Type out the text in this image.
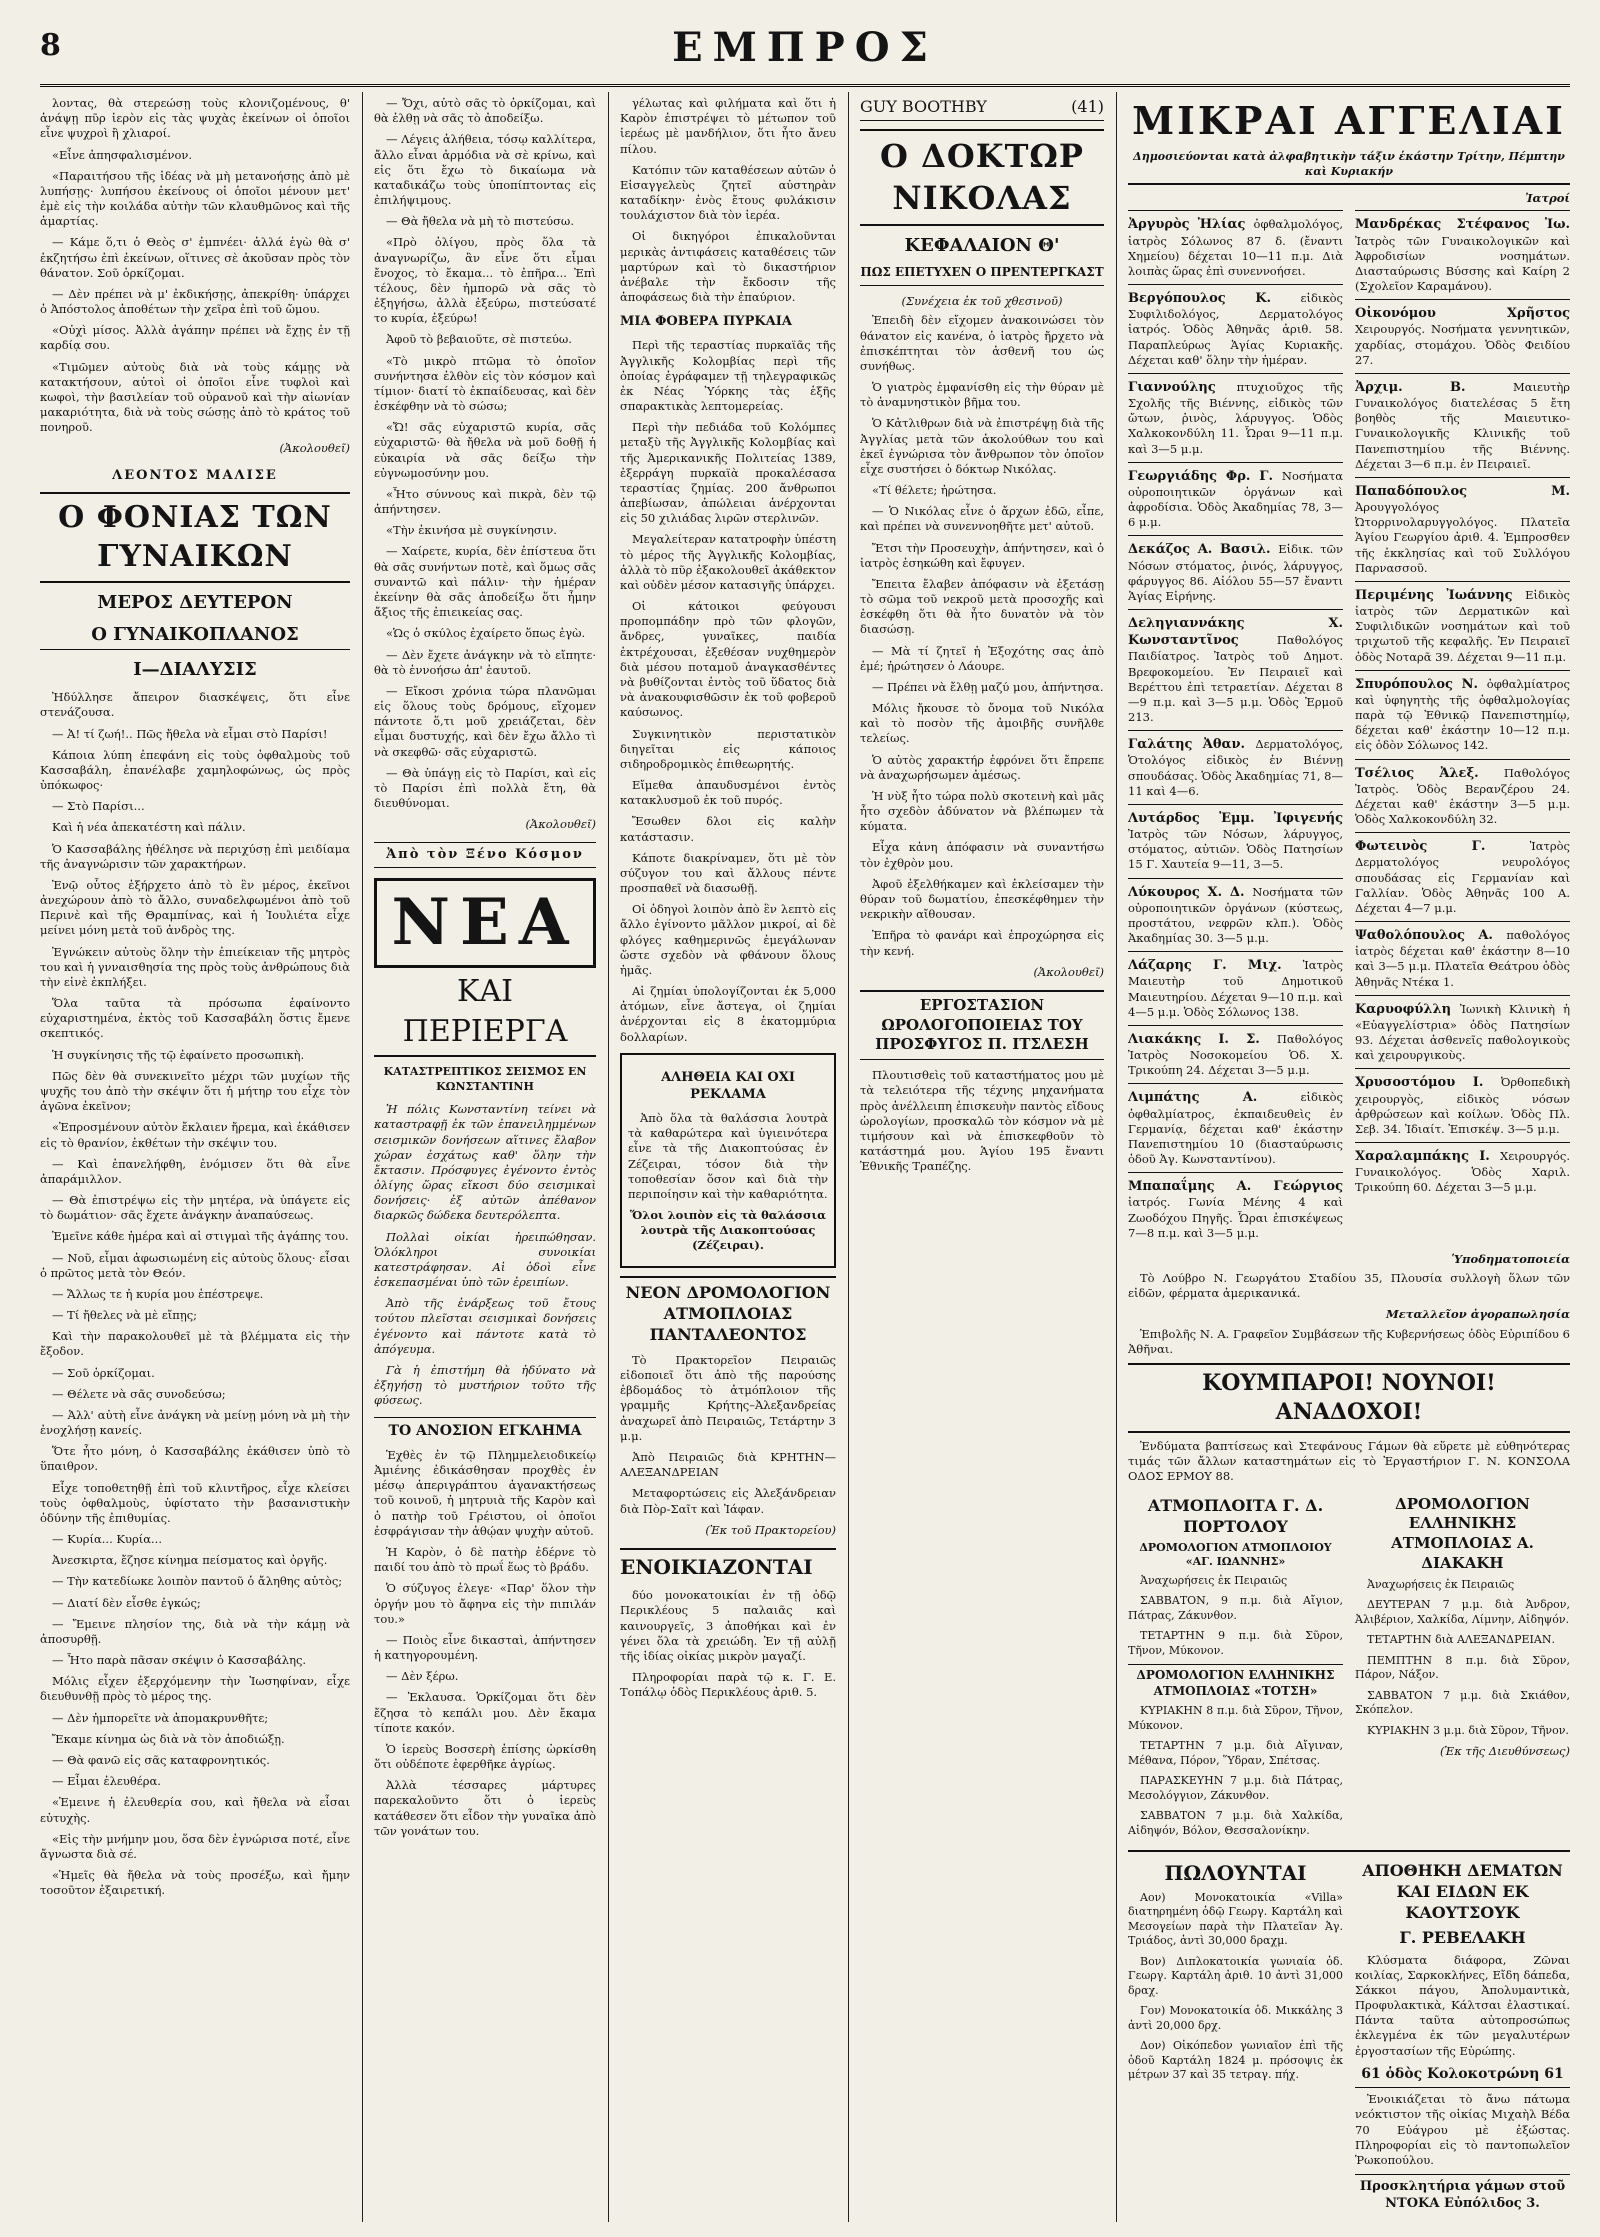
8	ΕΜΠΡΟΣ

λοντας, θὰ στερεώσῃ τοὺς κλονιζομένους, θ' ἀνάψῃ πῦρ ἱερὸν εἰς τὰς ψυχὰς ἐκείνων οἱ ὁποῖοι εἶνε ψυχροὶ ἢ χλιαροί.

«Εἶνε ἀπησφαλισμένον.

«Παραιτήσου τῆς ἰδέας νὰ μὴ μετανοήσῃς ἀπὸ μὲ λυπήσῃς· λυπήσου ἐκείνους οἱ ὁποῖοι μένουν μετ' ἐμὲ εἰς τὴν κοιλάδα αὐτὴν τῶν κλαυθμῶνος καὶ τῆς ἁμαρτίας.

— Κάμε ὅ,τι ὁ Θεὸς σ' ἐμπνέει· ἀλλά ἐγὼ θὰ σ' ἐκζητήσω ἐπὶ ἐκείνων, οἵτινες σὲ ἀκοῦσαν πρὸς τὸν θάνατον. Σοῦ ὁρκίζομαι.

— Δὲν πρέπει νὰ μ' ἐκδικήσῃς, ἀπεκρίθη· ὑπάρχει ὁ Ἀπόστολος ἀποθέτων τὴν χεῖρα ἐπὶ τοῦ ὤμου.

«Οὐχὶ μίσος. Ἀλλὰ ἀγάπην πρέπει νὰ ἔχῃς ἐν τῇ καρδίᾳ σου.

«Τιμῶμεν αὐτοὺς διὰ νὰ τοὺς κάμῃς νὰ κατακτήσουν, αὐτοὶ οἱ ὁποῖοι εἶνε τυφλοὶ καὶ κωφοὶ, τὴν βασιλείαν τοῦ οὐρανοῦ καὶ τὴν αἰωνίαν μακαριότητα, διὰ νὰ τοὺς σώσῃς ἀπὸ τὸ κράτος τοῦ πονηροῦ.

(Ἀκολουθεῖ)
ΛΕΟΝΤΟΣ ΜΑΛΙΣΕ
Ο ΦΟΝΙΑΣ ΤΩΝ ΓΥΝΑΙΚΩΝ
ΜΕΡΟΣ ΔΕΥΤΕΡΟΝ
Ο ΓΥΝΑΙΚΟΠΛΑΝΟΣ
Ι—ΔΙΑΛΥΣΙΣ

Ἠδύλλησε ἄπειρον διασκέψεις, ὅτι εἶνε στενάζουσα.

— Ἀ! τί ζωή!.. Πῶς ἤθελα νὰ εἶμαι στὸ Παρίσι!

Κάποια λύπη ἐπεφάνη εἰς τοὺς ὀφθαλμοὺς τοῦ Κασσαβάλη, ἐπανέλαβε χαμηλοφώνως, ὡς πρὸς ὑπόκωφος·

— Στὸ Παρίσι...

Καὶ ἡ νέα ἀπεκατέστη καὶ πάλιν.

Ὁ Κασσαβάλης ἠθέλησε νὰ περιχύσῃ ἐπὶ μειδίαμα τῆς ἀναγνώρισιν τῶν χαρακτήρων.

Ἐνῷ οὗτος ἐξήρχετο ἀπὸ τὸ ἓν μέρος, ἐκεῖνοι ἀνεχώρουν ἀπὸ τὸ ἄλλο, συναδελφωμένοι ἀπὸ τοῦ Περινὲ καὶ τῆς Θραμπίνας, καὶ ἡ Ἰουλιέτα εἶχε μείνει μόνη μετὰ τοῦ ἀνδρὸς της.

Ἐγνώκειν αὐτοὺς ὅλην τὴν ἐπιείκειαν τῆς μητρὸς του καὶ ἡ γνναισθησία της πρὸς τοὺς ἀνθρώπους διὰ τὴν εἰνὲ ἐκπλήξει.

Ὅλα ταῦτα τὰ πρόσωπα ἐφαίνοντο εὐχαριστημένα, ἐκτὸς τοῦ Κασσαβάλη ὅστις ἔμενε σκεπτικός.

Ἡ συγκίνησις τῆς τῷ ἐφαίνετο προσωπικὴ.

Πῶς δὲν θὰ συνεκινεῖτο μέχρι τῶν μυχίων τῆς ψυχῆς του ἀπὸ τὴν σκέψιν ὅτι ἡ μήτηρ του εἶχε τὸν ἀγῶνα ἐκεῖνον;

«Ἐπροσμένουν αὐτὸν ἔκλαιεν ἤρεμα, καὶ ἐκάθισεν εἰς τὸ θρανίον, ἐκθέτων τὴν σκέψιν του.

— Καὶ ἐπανελήφθη, ἐνόμισεν ὅτι θὰ εἶνε ἀπαράμιλλον.

— Θὰ ἐπιστρέψω εἰς τὴν μητέρα, νὰ ὑπάγετε εἰς τὸ δωμάτιον· σᾶς ἔχετε ἀνάγκην ἀναπαύσεως.

Ἐμεῖνε κάθε ἡμέρα καὶ αἱ στιγμαὶ τῆς ἀγάπης του.

— Νοῦ, εἶμαι ἀφωσιωμένη εἰς αὐτοὺς ὅλους· εἶσαι ὁ πρῶτος μετὰ τὸν Θεόν.

— Ἄλλως τε ἡ κυρία μου ἐπέστρεψε.

— Τί ἤθελες νὰ μὲ εἴπῃς;

Καὶ τὴν παρακολουθεῖ μὲ τὰ βλέμματα εἰς τὴν ἔξοδον.

— Σοῦ ὁρκίζομαι.

— Θέλετε νὰ σᾶς συνοδεύσω;

— Ἀλλ' αὐτὴ εἶνε ἀνάγκη νὰ μείνῃ μόνη νὰ μὴ τὴν ἐνοχλήσῃ κανείς.

Ὅτε ἦτο μόνη, ὁ Κασσαβάλης ἐκάθισεν ὑπὸ τὸ ὕπαιθρον.

Εἶχε τοποθετηθῇ ἐπὶ τοῦ κλιντῆρος, εἶχε κλείσει τοὺς ὀφθαλμοὺς, ὑφίστατο τὴν βασανιστικὴν ὀδύνην τῆς ἐπιθυμίας.

— Κυρία... Κυρία...

Ἀνεσκιρτα, ἔζησε κίνημα πείσματος καὶ ὀργῆς.

— Τὴν κατεδίωκε λοιπὸν παντοῦ ὁ ἄληθης αὐτὸς;

— Διατί δὲν εἶσθε ἐγκώς;

— Ἔμεινε πλησίον της, διὰ νὰ τὴν κάμῃ νὰ ἀποσυρθῇ.

— Ἦτο παρὰ πᾶσαν σκέψιν ὁ Κασσαβάλης.

Μόλις εἶχεν ἐξερχόμενην τὴν Ἰωσηφίναν, εἶχε διευθυνθῇ πρὸς τὸ μέρος της.

— Δὲν ἠμπορεῖτε νὰ ἀπομακρυνθῆτε;

Ἔκαμε κίνημα ὡς διὰ νὰ τὸν ἀποδιώξῃ.

— Θὰ φανῶ εἰς σᾶς καταφρονητικός.

— Εἶμαι ἐλευθέρα.

«Ἐμεινε ἡ ἐλευθερία σου, καὶ ἤθελα νὰ εἶσαι εὐτυχὴς.

«Εἰς τὴν μνήμην μου, ὅσα δὲν ἐγνώρισα ποτέ, εἶνε ἄγνωστα διὰ σέ.

«Ἡμεῖς θὰ ἤθελα νὰ τοὺς προσέξω, καὶ ἤμην τοσοῦτον ἐξαιρετική.

— Ὄχι, αὐτὸ σᾶς τὸ ὁρκίζομαι, καὶ θὰ ἐλθῃ νὰ σᾶς τὸ ἀποδείξω.

— Λέγεις ἀλήθεια, τόσῳ καλλίτερα, ἄλλο εἶναι ἁρμόδια νὰ σὲ κρίνω, καὶ εἰς ὅτι ἔχω τὸ δικαίωμα νὰ καταδικάζω τοὺς ὑποπίπτοντας εἰς ἐπιλήψιμους.

— Θὰ ἤθελα νὰ μὴ τὸ πιστεύσω.

«Πρὸ ὀλίγου, πρὸς ὅλα τὰ ἀναγνωρίζω, ἂν εἶνε ὅτι εἶμαι ἔνοχος, τὸ ἔκαμα... τὸ ἐπῆρα... Ἐπὶ τέλους, δὲν ἠμπορῶ νὰ σᾶς τὸ ἐξηγήσω, ἀλλὰ ἐξεύρω, πιστεύσατέ το κυρία, ἐξεύρω!

Ἀφοῦ τὸ βεβαιοῦτε, σὲ πιστεύω.

«Τὸ μικρὸ πτῶμα τὸ ὁποῖον συνήντησα ἐλθὸν εἰς τὸν κόσμον καὶ τίμιον· διατί τὸ ἐκπαίδευσας, καὶ δὲν ἐσκέφθην νὰ τὸ σώσω;

«Ὤ! σᾶς εὐχαριστῶ κυρία, σᾶς εὐχαριστῶ· θὰ ἤθελα νὰ μοῦ δοθῇ ἡ εὐκαιρία νὰ σᾶς δείξω τὴν εὐγνωμοσύνην μου.

«Ἦτο σύννους καὶ πικρὰ, δὲν τῷ ἀπήντησεν.

«Τὴν ἐκινήσα μὲ συγκίνησιν.

— Χαίρετε, κυρία, δὲν ἐπίστευα ὅτι θὰ σᾶς συνήντων ποτὲ, καὶ ὅμως σᾶς συναντῶ καὶ πάλιν· τὴν ἡμέραν ἐκείνην θὰ σᾶς ἀποδείξω ὅτι ἦμην ἄξιος τῆς ἐπιεικείας σας.

«Ὡς ὁ σκύλος ἐχαίρετο ὅπως ἐγὼ.

— Δὲν ἔχετε ἀνάγκην νὰ τὸ εἴπητε· θὰ τὸ ἐννοήσω ἀπ' ἑαυτοῦ.

— Εἴκοσι χρόνια τώρα πλανῶμαι εἰς ὅλους τοὺς δρόμους, εἴχομεν πάντοτε ὅ,τι μοῦ χρειάζεται, δὲν εἶμαι δυστυχής, καὶ δὲν ἔχω ἄλλο τὶ νὰ σκεφθῶ· σᾶς εὐχαριστῶ.

— Θὰ ὑπάγῃ εἰς τὸ Παρίσι, καὶ εἰς τὸ Παρίσι ἐπὶ πολλὰ ἔτη, θὰ διευθύνομαι.

(Ἀκολουθεῖ)
Ἀπὸ τὸν Ξένο Κόσμον
ΝΕΑ
ΚΑΙ ΠΕΡΙΕΡΓΑ
ΚΑΤΑΣΤΡΕΠΤΙΚΟΣ ΣΕΙΣΜΟΣ ΕΝ ΚΩΝΣΤΑΝΤΙΝΗ

Ἡ πόλις Κωνσταντίνη τείνει νὰ καταστραφῇ ἐκ τῶν ἐπανειλημμένων σεισμικῶν δονήσεων αἵτινες ἔλαβον χώραν ἐσχάτως καθ' ὅλην τὴν ἔκτασιν. Πρόσφυγες ἐγένοντο ἐντὸς ὀλίγης ὥρας εἴκοσι δύο σεισμικαὶ δονήσεις· ἐξ αὐτῶν ἀπέθανον διαρκῶς δώδεκα δευτερόλεπτα.

Πολλαὶ οἰκίαι ἠρειπώθησαν. Ὁλόκληροι συνοικίαι κατεστράφησαν. Αἱ ὁδοὶ εἶνε ἐσκεπασμέναι ὑπὸ τῶν ἐρειπίων.

Ἀπὸ τῆς ἐνάρξεως τοῦ ἔτους τούτου πλεῖσται σεισμικαὶ δονήσεις ἐγένοντο καὶ πάντοτε κατὰ τὸ ἀπόγευμα.

Γὰ ἡ ἐπιστήμη θὰ ἠδύνατο νὰ ἐξηγήσῃ τὸ μυστήριον τοῦτο τῆς φύσεως.

ΤΟ ΑΝΟΣΙΟΝ ΕΓΚΛΗΜΑ

Ἐχθὲς ἐν τῷ Πλημμελειοδικείῳ Ἀμιένης ἐδικάσθησαν προχθὲς ἐν μέσῳ ἀπεριγράπτου ἀγανακτήσεως τοῦ κοινοῦ, ἡ μητρυιὰ τῆς Καρὸν καὶ ὁ πατὴρ τοῦ Γρέιστου, οἱ ὁποῖοι ἐσφράγισαν τὴν ἀθῴαν ψυχὴν αὐτοῦ.

Ἡ Καρὸν, ὁ δὲ πατὴρ ἐδέρνε τὸ παιδί του ἀπὸ τὸ πρωΐ ἕως τὸ βράδυ.

Ὁ σύζυγος ἐλεγε· «Παρ' ὅλον τὴν ὀργήν μου τὸ ἄφηνα εἰς τὴν πιπιλάν του.»

— Ποιὸς εἶνε δικασταὶ, ἀπήντησεν ἡ κατηγορουμένη.

— Δὲν ξέρω.

— Ἐκλαυσα. Ὁρκίζομαι ὅτι δὲν ἔζησα τὸ κεπάλι μου. Δὲν ἔκαμα τίποτε κακόν.

Ὁ ἱερεὺς Βοσσερὴ ἐπίσης ὡρκίσθη ὅτι οὐδέποτε ἐφερθῆκε ἀγρίως.

Ἀλλὰ τέσσαρες μάρτυρες παρεκαλοῦντο ὅτι ὁ ἱερεὺς κατάθεσεν ὅτι εἶδον τὴν γυναῖκα ἀπὸ τῶν γονάτων του.

γέλωτας καὶ φιλήματα καὶ ὅτι ἡ Καρὸν ἐπιστρέψει τὸ μέτωπον τοῦ ἱερέως μὲ μανδήλιον, ὅτι ἦτο ἄνευ πίλου.

Κατόπιν τῶν καταθέσεων αὐτῶν ὁ Εἰσαγγελεὺς ζητεῖ αὐστηρὰν καταδίκην· ἐνὸς ἔτους φυλάκισιν τουλάχιστον διὰ τὸν ἱερέα.

Οἱ δικηγόροι ἐπικαλοῦνται μερικὰς ἀντιφάσεις καταθέσεις τῶν μαρτύρων καὶ τὸ δικαστήριον ἀνέβαλε τὴν ἔκδοσιν τῆς ἀποφάσεως διὰ τὴν ἐπαύριον.

ΜΙΑ ΦΟΒΕΡΑ ΠΥΡΚΑΙΑ

Περὶ τῆς τεραστίας πυρκαϊᾶς τῆς Ἀγγλικῆς Κολομβίας περὶ τῆς ὁποίας ἐγράφαμεν τῇ τηλεγραφικῶς ἐκ Νέας Ὑόρκης τὰς ἑξῆς σπαρακτικὰς λεπτομερείας.

Περὶ τὴν πεδιάδα τοῦ Κολόμπες μεταξὺ τῆς Ἀγγλικῆς Κολομβίας καὶ τῆς Ἀμερικανικῆς Πολιτείας 1389, ἐξερράγη πυρκαϊὰ προκαλέσασα τεραστίας ζημίας. 200 ἄνθρωποι ἀπεβίωσαν, ἀπώλειαι ἀνέρχονται εἰς 50 χιλιάδας λιρῶν στερλινῶν.

Μεγαλείτεραν κατατροφὴν ὑπέστη τὸ μέρος τῆς Ἀγγλικῆς Κολομβίας, ἀλλὰ τὸ πῦρ ἐξακολουθεῖ ἀκάθεκτον καὶ οὐδὲν μέσον κατασιγῆς ὑπάρχει.

Οἱ κάτοικοι φεύγουσι προπομπάδην πρὸ τῶν φλογῶν, ἄνδρες, γυναῖκες, παιδία ἐκτρέχουσαι, ἐξεθέσαν νυχθημερὸν διὰ μέσου ποταμοῦ ἀναγκασθέντες νὰ βυθίζονται ἐντὸς τοῦ ὕδατος διὰ νὰ ἀνακουφισθῶσιν ἐκ τοῦ φοβεροῦ καύσωνος.

Συγκινητικὸν περιστατικὸν διηγεῖται εἰς κάποιος σιδηροδρομικὸς ἐπιθεωρητής.

Εἴμεθα ἀπαυδυσμένοι ἐντὸς κατακλυσμοῦ ἐκ τοῦ πυρός.

Ἔσωθεν δλοι εἰς καλὴν κατάστασιν.

Κάποτε διακρίναμεν, ὅτι μὲ τὸν σύζυγον του καὶ ἄλλους πέντε προσπαθεῖ νὰ διασωθῇ.

Οἱ ὁδηγοὶ λοιπὸν ἀπὸ ἓν λεπτὸ εἰς ἄλλο ἐγίνοντο μᾶλλον μικροί, αἱ δὲ φλόγες καθημερινῶς ἐμεγάλωναν ὥστε σχεδὸν νὰ φθάνουν ὅλους ἡμᾶς.

Αἱ ζημίαι ὑπολογίζονται ἐκ 5,000 ἀτόμων, εἶνε ἄστεγα, οἱ ζημίαι ἀνέρχονται εἰς 8 ἑκατομμύρια δολλαρίων.

ΑΛΗΘΕΙΑ ΚΑΙ ΟΧΙ ΡΕΚΛΑΜΑ

Ἀπὸ ὅλα τὰ θαλάσσια λουτρὰ τὰ καθαρώτερα καὶ ὑγιεινότερα εἶνε τὰ τῆς Διακοπτούσας ἐν Ζέζειραι, τόσον διὰ τὴν τοποθεσίαν ὅσον καὶ διὰ τὴν περιποίησιν καὶ τὴν καθαριότητα.

Ὅλοι λοιπὸν εἰς τὰ θαλάσσια λουτρὰ τῆς Διακοπτούσας (Ζέζειραι).

ΝΕΟΝ ΔΡΟΜΟΛΟΓΙΟΝ ΑΤΜΟΠΛΟΙΑΣ ΠΑΝΤΑΛΕΟΝΤΟΣ

Τὸ Πρακτορεῖον Πειραιῶς εἰδοποιεῖ ὅτι ἀπὸ τῆς παρούσης ἑβδομάδος τὸ ἀτμόπλοιον τῆς γραμμῆς Κρήτης–Ἀλεξανδρείας ἀναχωρεῖ ἀπὸ Πειραιῶς, Τετάρτην 3 μ.μ.

Ἀπὸ Πειραιῶς διὰ ΚΡΗΤΗΝ—ΑΛΕΞΑΝΔΡΕΙΑΝ

Μεταφορτώσεις εἰς Ἀλεξάνδρειαν διὰ Πὸρ-Σαῖτ καὶ Ἰάφαν.

(Ἐκ τοῦ Πρακτορείου)
ΕΝΟΙΚΙΑΖΟΝΤΑΙ

δύο μονοκατοικίαι ἐν τῇ ὁδῷ Περικλέους 5 παλαιᾶς καὶ καινουργεῖς, 3 ἀποθήκαι καὶ ἐν γένει ὅλα τὰ χρειώδη. Ἐν τῇ αὐλῇ τῆς ἰδίας οἰκίας μικρὸν μαγαζί.

Πληροφορίαι παρὰ τῷ κ. Γ. Ε. Τοπάλῳ ὁδὸς Περικλέους ἀριθ. 5.

GUY BOOTHBY	(41)
Ο ΔΟΚΤΩΡ ΝΙΚΟΛΑΣ
ΚΕΦΑΛΑΙΟΝ Θ'
ΠΩΣ ΕΠΕΤΥΧΕΝ Ο ΠΡΕΝΤΕΡΓΚΑΣΤ
(Συνέχεια ἐκ τοῦ χθεσινοῦ)

Ἐπειδὴ δὲν εἴχομεν ἀνακοινώσει τὸν θάνατον εἰς κανένα, ὁ ἰατρὸς ἤρχετο νὰ ἐπισκέπτηται τὸν ἀσθενῆ του ὡς συνήθως.

Ὁ γιατρὸς ἐμφανίσθη εἰς τὴν θύραν μὲ τὸ ἀναμνηστικὸν βῆμα του.

Ὁ Κἀτλιθρων διὰ νὰ ἐπιστρέψῃ διὰ τῆς Ἀγγλίας μετὰ τῶν ἀκολούθων του καὶ ἐκεῖ ἐγνώρισα τὸν ἄνθρωπον τὸν ὁποῖον εἶχε συστήσει ὁ δόκτωρ Νικόλας.

«Τί θέλετε; ἠρώτησα.

— Ὁ Νικόλας εἶνε ὁ ἄρχων ἐδῶ, εἶπε, καὶ πρέπει νὰ συνεννοηθῆτε μετ' αὐτοῦ.

Ἔτσι τὴν Προσευχὴν, ἀπήντησεν, καὶ ὁ ἰατρὸς ἐσηκώθη καὶ ἔφυγεν.

Ἔπειτα ἔλαβεν ἀπόφασιν νὰ ἐξετάσῃ τὸ σῶμα τοῦ νεκροῦ μετὰ προσοχῆς καὶ ἐσκέφθη ὅτι θὰ ἦτο δυνατὸν νὰ τὸν διασώσῃ.

— Μὰ τί ζητεῖ ἡ Ἐξοχότης σας ἀπὸ ἐμέ; ἠρώτησεν ὁ Λάουρε.

— Πρέπει νὰ ἔλθῃ μαζύ μου, ἀπήντησα.

Μόλις ἤκουσε τὸ ὄνομα τοῦ Νικόλα καὶ τὸ ποσὸν τῆς ἀμοιβῆς συνῆλθε τελείως.

Ὁ αὐτὸς χαρακτήρ ἐφρόνει ὅτι ἔπρεπε νὰ ἀναχωρήσωμεν ἀμέσως.

Ἡ νὺξ ἦτο τώρα πολὺ σκοτεινὴ καὶ μᾶς ἦτο σχεδὸν ἀδύνατον νὰ βλέπωμεν τὰ κύματα.

Εἶχα κἀνη ἀπόφασιν νὰ συναντήσω τὸν ἐχθρὸν μου.

Ἀφοῦ ἐξελθήκαμεν καὶ ἐκλείσαμεν τὴν θύραν τοῦ δωματίου, ἐπεσκέφθημεν τὴν νεκρικὴν αἴθουσαν.

Ἐπῆρα τὸ φανάρι καὶ ἐπροχώρησα εἰς τὴν κενή.

(Ἀκολουθεῖ)
ΕΡΓΟΣΤΑΣΙΟΝ ΩΡΟΛΟΓΟΠΟΙΕΙΑΣ ΤΟΥ ΠΡΟΣΦΥΓΟΣ Π. ΙΤΣΛΕΣΗ

Πλουτισθεὶς τοῦ καταστήματος μου μὲ τὰ τελειότερα τῆς τέχνης μηχανήματα πρὸς ἀνέλλειπη ἐπισκευὴν παντὸς εἴδους ὡρολογίων, προσκαλῶ τὸν κόσμον νὰ μὲ τιμήσουν καὶ νὰ ἐπισκεφθοῦν τὸ κατάστημά μου. Ἁγίου 195 ἔναντι Ἐθνικῆς Τραπέζης.

ΜΙΚΡΑΙ ΑΓΓΕΛΙΑΙ
Δημοσιεύονται κατὰ ἀλφαβητικὴν τάξιν ἑκάστην Τρίτην, Πέμπτην καὶ Κυριακήν
Ἰατροί
Ἀργυρὸς Ἠλίας ὀφθαλμολόγος, ἰατρὸς Σόλωνος 87 δ. (ἔναντι Χημείου) δέχεται 10—11 π.μ. Διὰ λοιπὰς ὥρας ἐπὶ συνεννοήσει.
Βεργόπουλος Κ. εἰδικὸς Συφιλιδολόγος, Δερματολόγος ἰατρός. Ὁδὸς Ἀθηνᾶς ἀριθ. 58. Παραπλεύρως Ἁγίας Κυριακῆς. Δέχεται καθ' ὅλην τὴν ἡμέραν.
Γιαννούλης πτυχιοῦχος τῆς Σχολῆς τῆς Βιέννης, εἰδικὸς τῶν ὤτων, ῥινὸς, λάρυγγος. Ὁδὸς Χαλκοκονδύλη 11. Ὧραι 9—11 π.μ. καὶ 3—5 μ.μ.
Γεωργιάδης Φρ. Γ. Νοσήματα οὐροποιητικῶν ὀργάνων καὶ ἀφροδίσια. Ὁδὸς Ἀκαδημίας 78, 3—6 μ.μ.
Δεκάζος Α. Βασιλ. Εἰδικ. τῶν Νόσων στόματος, ῥινός, λάρυγγος, φάρυγγος 86. Αἰόλου 55—57 ἔναντι Ἁγίας Εἰρήνης.
Δεληγιαννάκης Χ. Κωνσταντῖνος Παθολόγος Παιδίατρος. Ἰατρὸς τοῦ Δημοτ. Βρεφοκομείου. Ἐν Πειραιεῖ καὶ Βερέττου ἐπὶ τετραετίαν. Δέχεται 8—9 π.μ. καὶ 3—5 μ.μ. Ὁδὸς Ἑρμοῦ 213.
Γαλάτης Ἀθαν. Δερματολόγος, Ὁτολόγος εἰδικὸς ἐν Βιέννῃ σπουδάσας. Ὁδὸς Ἀκαδημίας 71, 8—11 καὶ 4—6.
Λυτάρδος Ἐμμ. Ἰφιγενής Ἰατρὸς τῶν Νόσων, λάρυγγος, στόματος, αὐτιῶν. Ὁδὸς Πατησίων 15 Γ. Χαυτεία 9—11, 3—5.
Λύκουρος Χ. Δ. Νοσήματα τῶν οὐροποιητικῶν ὀργάνων (κύστεως, προστάτου, νεφρῶν κλπ.). Ὁδὸς Ἀκαδημίας 30. 3—5 μ.μ.
Λάζαρης Γ. Μιχ. Ἰατρὸς Μαιευτὴρ τοῦ Δημοτικοῦ Μαιευτηρίου. Δέχεται 9—10 π.μ. καὶ 4—5 μ.μ. Ὁδὸς Σόλωνος 138.
Λιακάκης Ι. Σ. Παθολόγος Ἰατρὸς Νοσοκομείου Ὁδ. Χ. Τρικούπη 24. Δέχεται 3—5 μ.μ.
Λιμπάτης Α. εἰδικὸς ὀφθαλμίατρος, ἐκπαιδευθεὶς ἐν Γερμανίᾳ, δέχεται καθ' ἑκάστην Πανεπιστημίου 10 (διασταύρωσις ὁδοῦ Ἀγ. Κωνσταντίνου).
Μπαπαΐμης Α. Γεώργιος ἰατρός. Γωνία Μένης 4 καὶ Ζωοδόχου Πηγῆς. Ὧραι ἐπισκέψεως 7—8 π.μ. καὶ 3—5 μ.μ.
Μανδρέκας Στέφανος Ἰω. Ἰατρὸς τῶν Γυναικολογικῶν καὶ Ἀφροδισίων νοσημάτων. Διασταύρωσις Βύσσης καὶ Καίρη 2 (Σχολεῖον Καραμάνου).
Οἰκονόμου Χρῆστος Χειρουργός. Νοσήματα γεννητικῶν, χαρδίας, στομάχου. Ὁδὸς Φειδίου 27.
Ἀρχιμ. Β. Μαιευτὴρ Γυναικολόγος διατελέσας 5 ἔτη βοηθὸς τῆς Μαιευτικο-Γυναικολογικῆς Κλινικῆς τοῦ Πανεπιστημίου τῆς Βιέννης. Δέχεται 3—6 π.μ. ἐν Πειραιεῖ.
Παπαδόπουλος Μ. Ἀρουγγολόγος Ὠτορρινολαρυγγολόγος. Πλατεῖα Ἁγίου Γεωργίου ἀριθ. 4. Ἐμπροσθεν τῆς ἐκκλησίας καὶ τοῦ Συλλόγου Παρνασσοῦ.
Περιμένης Ἰωάννης Εἰδικὸς ἰατρὸς τῶν Δερματικῶν καὶ Συφιλιδικῶν νοσημάτων καὶ τοῦ τριχωτοῦ τῆς κεφαλῆς. Ἐν Πειραιεῖ ὁδὸς Νοταρᾶ 39. Δέχεται 9—11 π.μ.
Σπυρόπουλος Ν. ὀφθαλμίατρος καὶ ὑφηγητὴς τῆς ὀφθαλμολογίας παρὰ τῷ Ἐθνικῷ Πανεπιστημίῳ, δέχεται καθ' ἑκάστην 10—12 π.μ. εἰς ὁδὸν Σόλωνος 142.
Τσέλιος Ἀλεξ. Παθολόγος Ἰατρὸς. Ὁδὸς Βερανζέρου 24. Δέχεται καθ' ἑκάστην 3—5 μ.μ. Ὁδὸς Χαλκοκονδύλη 32.
Φωτεινὸς Γ. Ἰατρὸς Δερματολόγος νευρολόγος σπουδάσας εἰς Γερμανίαν καὶ Γαλλίαν. Ὁδὸς Ἀθηνᾶς 100 Α. Δέχεται 4—7 μ.μ.
Ψαθολόπουλος Α. παθολόγος ἰατρὸς δέχεται καθ' ἑκάστην 8—10 καὶ 3—5 μ.μ. Πλατεῖα Θεάτρου ὁδὸς Ἀθηνᾶς Ντέκα 1.
Καρυοφύλλη Ἰωνικὴ Κλινικὴ ἡ «Εὐαγγελίστρια» ὁδὸς Πατησίων 93. Δέχεται ἀσθενεῖς παθολογικοὺς καὶ χειρουργικοὺς.
Χρυσοστόμου Ι. Ὀρθοπεδικὴ χειρουργὸς, εἰδικὸς νόσων ἀρθρώσεων καὶ κοίλων. Ὁδὸς Πλ. Σεβ. 34. Ἰδιαίτ. Ἐπισκέψ. 3—5 μ.μ.
Χαραλαμπάκης Ι. Χειρουργός. Γυναικολόγος. Ὁδὸς Χαριλ. Τρικούπη 60. Δέχεται 3—5 μ.μ.
Ὑποδηματοποιεία

Τὸ Λούβρο Ν. Γεωργάτου Σταδίου 35, Πλουσία συλλογὴ ὅλων τῶν εἰδῶν, φέρματα ἀμερικανικά.

Μεταλλεῖον ἀγοραπωλησία

Ἐπιβολῆς Ν. Α. Γραφεῖον Συμβάσεων τῆς Κυβερνήσεως ὁδὸς Εὐριπίδου 6 Ἀθῆναι.

ΚΟΥΜΠΑΡΟΙ! ΝΟΥΝΟΙ! ΑΝΑΔΟΧΟΙ!

Ἐνδύματα βαπτίσεως καὶ Στεφάνους Γάμων θὰ εὕρετε μὲ εὐθηνότερας τιμάς τῶν ἄλλων καταστημάτων εἰς τὸ Ἐργαστήριον Γ. Ν. ΚΟΝΣΟΛΑ ΟΔΟΣ ΕΡΜΟΥ 88.

ΑΤΜΟΠΛΟΙΤΑ Γ. Δ. ΠΟΡΤΟΛΟΥ
ΔΡΟΜΟΛΟΓΙΟΝ ΑΤΜΟΠΛΟΙΟΥ «ΑΓ. ΙΩΑΝΝΗΣ»

Ἀναχωρήσεις ἐκ Πειραιῶς

ΣΑΒΒΑΤΟΝ, 9 π.μ. διὰ Αἴγιον, Πάτρας, Ζάκυνθον.

ΤΕΤΑΡΤΗΝ 9 π.μ. διὰ Σῦρον, Τῆνον, Μύκονον.

ΔΡΟΜΟΛΟΓΙΟΝ ΕΛΛΗΝΙΚΗΣ ΑΤΜΟΠΛΟΙΑΣ «ΤΟΤΣΗ»

ΚΥΡΙΑΚΗΝ 8 π.μ. διὰ Σῦρον, Τῆνον, Μύκονον.

ΤΕΤΑΡΤΗΝ 7 μ.μ. διὰ Αἴγιναν, Μέθανα, Πόρον, Ὕδραν, Σπέτσας.

ΠΑΡΑΣΚΕΥΗΝ 7 μ.μ. διὰ Πάτρας, Μεσολόγγιον, Ζάκυνθον.

ΣΑΒΒΑΤΟΝ 7 μ.μ. διὰ Χαλκίδα, Αἰδηψόν, Βόλον, Θεσσαλονίκην.

ΔΡΟΜΟΛΟΓΙΟΝ ΕΛΛΗΝΙΚΗΣ ΑΤΜΟΠΛΟΙΑΣ Α. ΔΙΑΚΑΚΗ

Ἀναχωρήσεις ἐκ Πειραιῶς

ΔΕΥΤΕΡΑΝ 7 μ.μ. διὰ Ἀνδρον, Ἀλιβέριον, Χαλκίδα, Λίμνην, Αἰδηψόν.

ΤΕΤΑΡΤΗΝ διὰ ΑΛΕΞΑΝΔΡΕΙΑΝ.

ΠΕΜΠΤΗΝ 8 π.μ. διὰ Σῦρον, Πάρον, Νάξον.

ΣΑΒΒΑΤΟΝ 7 μ.μ. διὰ Σκιάθον, Σκόπελον.

ΚΥΡΙΑΚΗΝ 3 μ.μ. διὰ Σῦρον, Τῆνον.

(Ἐκ τῆς Διευθύνσεως)
ΠΩΛΟΥΝΤΑΙ

Αον) Μονοκατοικία «Villa» διατηρημένη ὁδῷ Γεωργ. Καρτάλη καὶ Μεσογείων παρὰ τὴν Πλατεῖαν Ἀγ. Τριάδος, ἀντὶ 30,000 δραχμ.

Βον) Διπλοκατοικία γωνιαία ὁδ. Γεωργ. Καρτάλη ἀριθ. 10 ἀντὶ 31,000 δραχ.

Γον) Μονοκατοικία ὁδ. Μικκάλης 3 ἀντὶ 20,000 δρχ.

Δον) Οἰκόπεδον γωνιαῖον ἐπὶ τῆς ὁδοῦ Καρτάλη 1824 μ. πρόσοψις ἐκ μέτρων 37 καὶ 35 τετραγ. πήχ.

ΑΠΟΘΗΚΗ ΔΕΜΑΤΩΝ ΚΑΙ ΕΙΔΩΝ ΕΚ ΚΑΟΥΤΣΟΥΚ
Γ. ΡΕΒΕΛΑΚΗ

Κλύσματα διάφορα, Ζῶναι κοιλίας, Σαρκοκλήνες, Εἴδη δάπεδα, Σάκκοι πάγου, Ἀπολυμαντικὰ, Προφυλακτικὰ, Κάλτσαι ἐλαστικαί. Πάντα ταῦτα αὐτοπροσώπως ἐκλεγμένα ἐκ τῶν μεγαλυτέρων ἐργοστασίων τῆς Εὐρώπης.

61 ὁδὸς Κολοκοτρώνη 61

Ἐνοικιάζεται τὸ ἄνω πάτωμα νεόκτιστον τῆς οἰκίας Μιχαὴλ Βέδα 70 Εὐάγρου μὲ ἐξώστας. Πληροφορίαι εἰς τὸ παντοπωλεῖον Ῥωκοπούλου.

Προσκλητήρια γάμων στοῦ ΝΤΟΚΑ Εὐπόλιδος 3.
